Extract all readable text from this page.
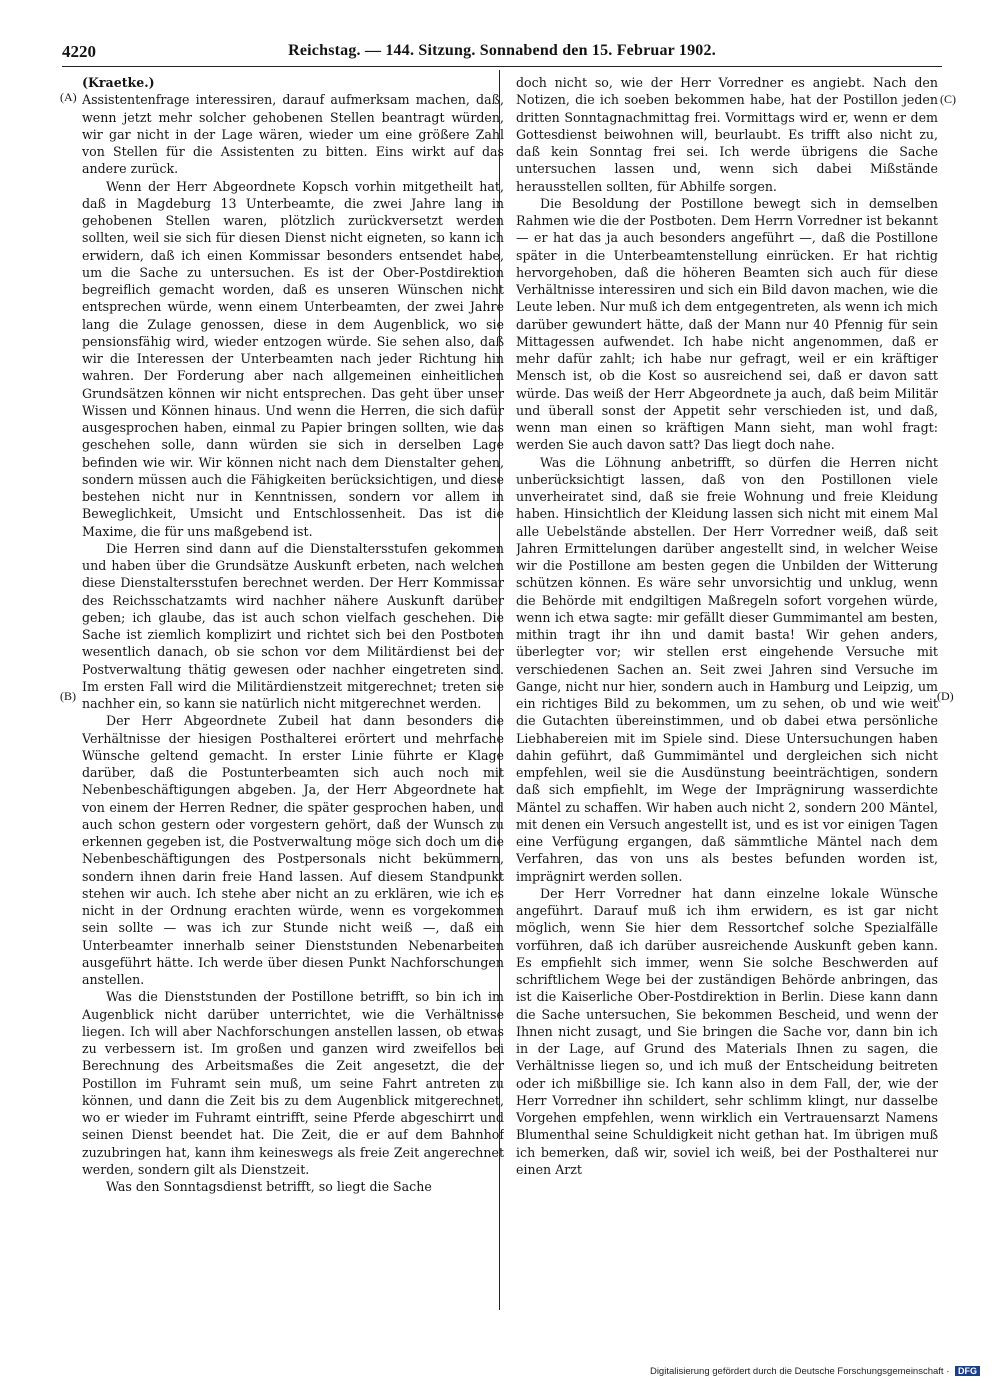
4220	Reichstag. — 144. Sitzung. Sonnabend den 15. Februar 1902.
(A)
(B)
(C)
(D)

(Kraetke.)

Assistentenfrage interessiren, darauf aufmerksam machen, daß, wenn jetzt mehr solcher gehobenen Stellen beantragt würden, wir gar nicht in der Lage wären, wieder um eine größere Zahl von Stellen für die Assistenten zu bitten. Eins wirkt auf das andere zurück.

Wenn der Herr Abgeordnete Kopsch vorhin mitgetheilt hat, daß in Magdeburg 13 Unterbeamte, die zwei Jahre lang in gehobenen Stellen waren, plötzlich zurückversetzt werden sollten, weil sie sich für diesen Dienst nicht eigneten, so kann ich erwidern, daß ich einen Kommissar besonders entsendet habe, um die Sache zu untersuchen. Es ist der Ober-Postdirektion begreiflich gemacht worden, daß es unseren Wünschen nicht entsprechen würde, wenn einem Unterbeamten, der zwei Jahre lang die Zulage genossen, diese in dem Augenblick, wo sie pensionsfähig wird, wieder entzogen würde. Sie sehen also, daß wir die Interessen der Unterbeamten nach jeder Richtung hin wahren. Der Forderung aber nach allgemeinen einheitlichen Grundsätzen können wir nicht entsprechen. Das geht über unser Wissen und Können hinaus. Und wenn die Herren, die sich dafür ausgesprochen haben, einmal zu Papier bringen sollten, wie das geschehen solle, dann würden sie sich in derselben Lage befinden wie wir. Wir können nicht nach dem Dienstalter gehen, sondern müssen auch die Fähigkeiten berücksichtigen, und diese bestehen nicht nur in Kenntnissen, sondern vor allem in Beweglichkeit, Umsicht und Entschlossenheit. Das ist die Maxime, die für uns maßgebend ist.

Die Herren sind dann auf die Dienstaltersstufen gekommen und haben über die Grundsätze Auskunft erbeten, nach welchen diese Dienstaltersstufen berechnet werden. Der Herr Kommissar des Reichsschatzamts wird nachher nähere Auskunft darüber geben; ich glaube, das ist auch schon vielfach geschehen. Die Sache ist ziemlich komplizirt und richtet sich bei den Postboten wesentlich danach, ob sie schon vor dem Militärdienst bei der Postverwaltung thätig gewesen oder nachher eingetreten sind. Im ersten Fall wird die Militärdienstzeit mitgerechnet; treten sie nachher ein, so kann sie natürlich nicht mitgerechnet werden.

Der Herr Abgeordnete Zubeil hat dann besonders die Verhältnisse der hiesigen Posthalterei erörtert und mehrfache Wünsche geltend gemacht. In erster Linie führte er Klage darüber, daß die Postunterbeamten sich auch noch mit Nebenbeschäftigungen abgeben. Ja, der Herr Abgeordnete hat von einem der Herren Redner, die später gesprochen haben, und auch schon gestern oder vorgestern gehört, daß der Wunsch zu erkennen gegeben ist, die Postverwaltung möge sich doch um die Nebenbeschäftigungen des Postpersonals nicht bekümmern, sondern ihnen darin freie Hand lassen. Auf diesem Standpunkt stehen wir auch. Ich stehe aber nicht an zu erklären, wie ich es nicht in der Ordnung erachten würde, wenn es vorgekommen sein sollte — was ich zur Stunde nicht weiß —, daß ein Unterbeamter innerhalb seiner Dienststunden Nebenarbeiten ausgeführt hätte. Ich werde über diesen Punkt Nachforschungen anstellen.

Was die Dienststunden der Postillone betrifft, so bin ich im Augenblick nicht darüber unterrichtet, wie die Verhältnisse liegen. Ich will aber Nachforschungen anstellen lassen, ob etwas zu verbessern ist. Im großen und ganzen wird zweifellos bei Berechnung des Arbeitsmaßes die Zeit angesetzt, die der Postillon im Fuhramt sein muß, um seine Fahrt antreten zu können, und dann die Zeit bis zu dem Augenblick mitgerechnet, wo er wieder im Fuhramt eintrifft, seine Pferde abgeschirrt und seinen Dienst beendet hat. Die Zeit, die er auf dem Bahnhof zuzubringen hat, kann ihm keineswegs als freie Zeit angerechnet werden, sondern gilt als Dienstzeit.

Was den Sonntagsdienst betrifft, so liegt die Sache

doch nicht so, wie der Herr Vorredner es angiebt. Nach den Notizen, die ich soeben bekommen habe, hat der Postillon jeden dritten Sonntagnachmittag frei. Vormittags wird er, wenn er dem Gottesdienst beiwohnen will, beurlaubt. Es trifft also nicht zu, daß kein Sonntag frei sei. Ich werde übrigens die Sache untersuchen lassen und, wenn sich dabei Mißstände herausstellen sollten, für Abhilfe sorgen.

Die Besoldung der Postillone bewegt sich in demselben Rahmen wie die der Postboten. Dem Herrn Vorredner ist bekannt — er hat das ja auch besonders angeführt —, daß die Postillone später in die Unterbeamtenstellung einrücken. Er hat richtig hervorgehoben, daß die höheren Beamten sich auch für diese Verhältnisse interessiren und sich ein Bild davon machen, wie die Leute leben. Nur muß ich dem entgegentreten, als wenn ich mich darüber gewundert hätte, daß der Mann nur 40 Pfennig für sein Mittagessen aufwendet. Ich habe nicht angenommen, daß er mehr dafür zahlt; ich habe nur gefragt, weil er ein kräftiger Mensch ist, ob die Kost so ausreichend sei, daß er davon satt würde. Das weiß der Herr Abgeordnete ja auch, daß beim Militär und überall sonst der Appetit sehr verschieden ist, und daß, wenn man einen so kräftigen Mann sieht, man wohl fragt: werden Sie auch davon satt? Das liegt doch nahe.

Was die Löhnung anbetrifft, so dürfen die Herren nicht unberücksichtigt lassen, daß von den Postillonen viele unverheiratet sind, daß sie freie Wohnung und freie Kleidung haben. Hinsichtlich der Kleidung lassen sich nicht mit einem Mal alle Uebelstände abstellen. Der Herr Vorredner weiß, daß seit Jahren Ermittelungen darüber angestellt sind, in welcher Weise wir die Postillone am besten gegen die Unbilden der Witterung schützen können. Es wäre sehr unvorsichtig und unklug, wenn die Behörde mit endgiltigen Maßregeln sofort vorgehen würde, wenn ich etwa sagte: mir gefällt dieser Gummimantel am besten, mithin tragt ihr ihn und damit basta! Wir gehen anders, überlegter vor; wir stellen erst eingehende Versuche mit verschiedenen Sachen an. Seit zwei Jahren sind Versuche im Gange, nicht nur hier, sondern auch in Hamburg und Leipzig, um ein richtiges Bild zu bekommen, um zu sehen, ob und wie weit die Gutachten übereinstimmen, und ob dabei etwa persönliche Liebhabereien mit im Spiele sind. Diese Untersuchungen haben dahin geführt, daß Gummimäntel und dergleichen sich nicht empfehlen, weil sie die Ausdünstung beeinträchtigen, sondern daß sich empfiehlt, im Wege der Imprägnirung wasserdichte Mäntel zu schaffen. Wir haben auch nicht 2, sondern 200 Mäntel, mit denen ein Versuch angestellt ist, und es ist vor einigen Tagen eine Verfügung ergangen, daß sämmtliche Mäntel nach dem Verfahren, das von uns als bestes befunden worden ist, imprägnirt werden sollen.

Der Herr Vorredner hat dann einzelne lokale Wünsche angeführt. Darauf muß ich ihm erwidern, es ist gar nicht möglich, wenn Sie hier dem Ressortchef solche Spezialfälle vorführen, daß ich darüber ausreichende Auskunft geben kann. Es empfiehlt sich immer, wenn Sie solche Beschwerden auf schriftlichem Wege bei der zuständigen Behörde anbringen, das ist die Kaiserliche Ober-Postdirektion in Berlin. Diese kann dann die Sache untersuchen, Sie bekommen Bescheid, und wenn der Ihnen nicht zusagt, und Sie bringen die Sache vor, dann bin ich in der Lage, auf Grund des Materials Ihnen zu sagen, die Verhältnisse liegen so, und ich muß der Entscheidung beitreten oder ich mißbillige sie. Ich kann also in dem Fall, der, wie der Herr Vorredner ihn schildert, sehr schlimm klingt, nur dasselbe Vorgehen empfehlen, wenn wirklich ein Vertrauensarzt Namens Blumenthal seine Schuldigkeit nicht gethan hat. Im übrigen muß ich bemerken, daß wir, soviel ich weiß, bei der Posthalterei nur einen Arzt

Digitalisierung gefördert durch die Deutsche Forschungsgemeinschaft · DFG
